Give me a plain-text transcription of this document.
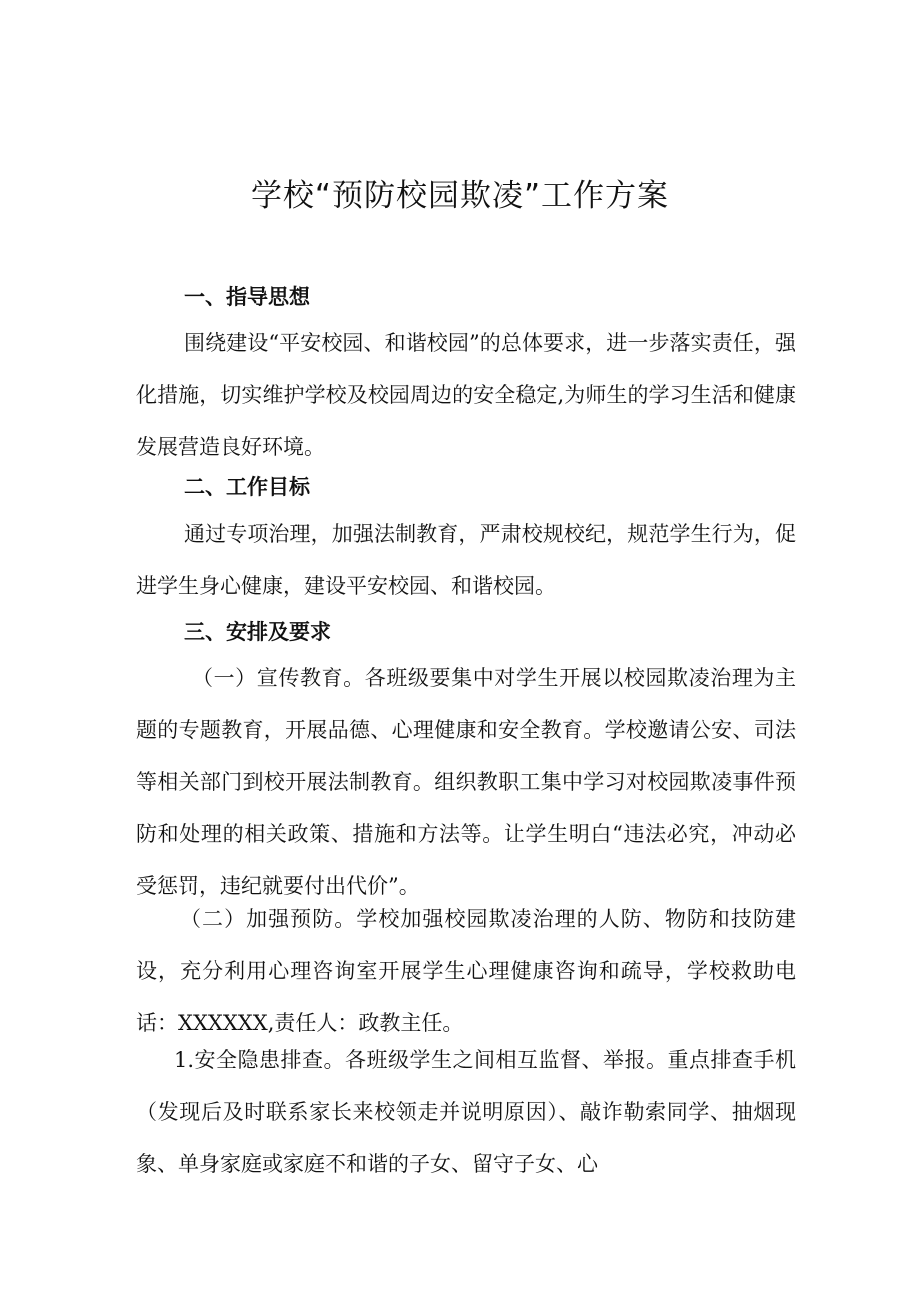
学校“预防校园欺凌”工作方案
一、指导思想
围绕建设“平安校园、和谐校园”的总体要求，进一步落实责任，强化措施，切实维护学校及校园周边的安全稳定,为师生的学习生活和健康发展营造良好环境。
二、工作目标
通过专项治理，加强法制教育，严肃校规校纪，规范学生行为，促进学生身心健康，建设平安校园、和谐校园。
三、安排及要求
（一）宣传教育。各班级要集中对学生开展以校园欺凌治理为主题的专题教育，开展品德、心理健康和安全教育。学校邀请公安、司法等相关部门到校开展法制教育。组织教职工集中学习对校园欺凌事件预防和处理的相关政策、措施和方法等。让学生明白“违法必究，冲动必受惩罚，违纪就要付出代价”。
（二）加强预防。学校加强校园欺凌治理的人防、物防和技防建设，充分利用心理咨询室开展学生心理健康咨询和疏导，学校救助电话：XXXXXX,责任人：政教主任。
1.安全隐患排查。各班级学生之间相互监督、举报。重点排查手机（发现后及时联系家长来校领走并说明原因）、敲诈勒索同学、抽烟现象、单身家庭或家庭不和谐的子女、留守子女、心
